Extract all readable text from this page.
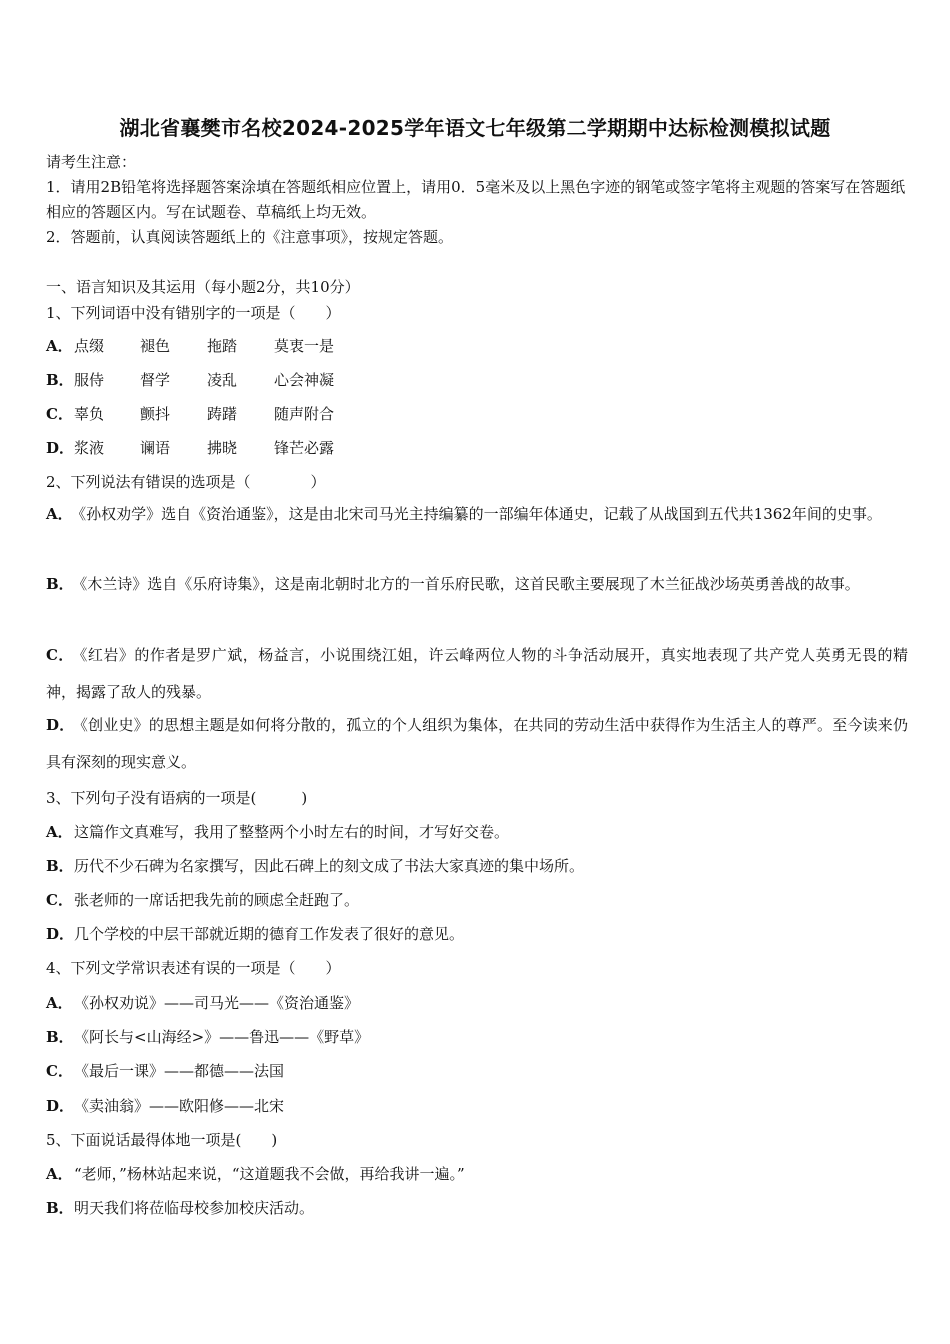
湖北省襄樊市名校2024-2025学年语文七年级第二学期期中达标检测模拟试题
请考生注意：
1．请用2B铅笔将选择题答案涂填在答题纸相应位置上，请用0．5毫米及以上黑色字迹的钢笔或签字笔将主观题的答案写在答题纸相应的答题区内。写在试题卷、草稿纸上均无效。
2．答题前，认真阅读答题纸上的《注意事项》，按规定答题。
一、语言知识及其运用（每小题2分，共10分）
1、下列词语中没有错别字的一项是（　　）
A．点缀 褪色 拖踏 莫衷一是
B．服侍 督学 凌乱 心会神凝
C．辜负 颤抖 踌躇 随声附合
D．浆液 谰语 拂晓 锋芒必露
2、下列说法有错误的选项是（　　　　）
A． 《孙权劝学》选自《资治通鉴》，这是由北宋司马光主持编纂的一部编年体通史，记载了从战国到五代共1362年间的史事。
B． 《木兰诗》选自《乐府诗集》，这是南北朝时北方的一首乐府民歌，这首民歌主要展现了木兰征战沙场英勇善战的故事。
C． 《红岩》的作者是罗广斌，杨益言，小说围绕江姐，许云峰两位人物的斗争活动展开，真实地表现了共产党人英勇无畏的精神，揭露了敌人的残暴。
D． 《创业史》的思想主题是如何将分散的，孤立的个人组织为集体，在共同的劳动生活中获得作为生活主人的尊严。至今读来仍具有深刻的现实意义。
3、下列句子没有语病的一项是(　　　)
A．这篇作文真难写，我用了整整两个小时左右的时间，才写好交卷。
B．历代不少石碑为名家撰写，因此石碑上的刻文成了书法大家真迹的集中场所。
C．张老师的一席话把我先前的顾虑全赶跑了。
D．几个学校的中层干部就近期的德育工作发表了很好的意见。
4、下列文学常识表述有误的一项是（　　）
A．《孙权劝说》——司马光——《资治通鉴》
B．《阿长与<山海经>》——鲁迅——《野草》
C．《最后一课》——都德——法国
D．《卖油翁》——欧阳修——北宋
5、下面说话最得体地一项是(　　)
A．“老师，”杨林站起来说，“这道题我不会做，再给我讲一遍。”
B．明天我们将莅临母校参加校庆活动。
